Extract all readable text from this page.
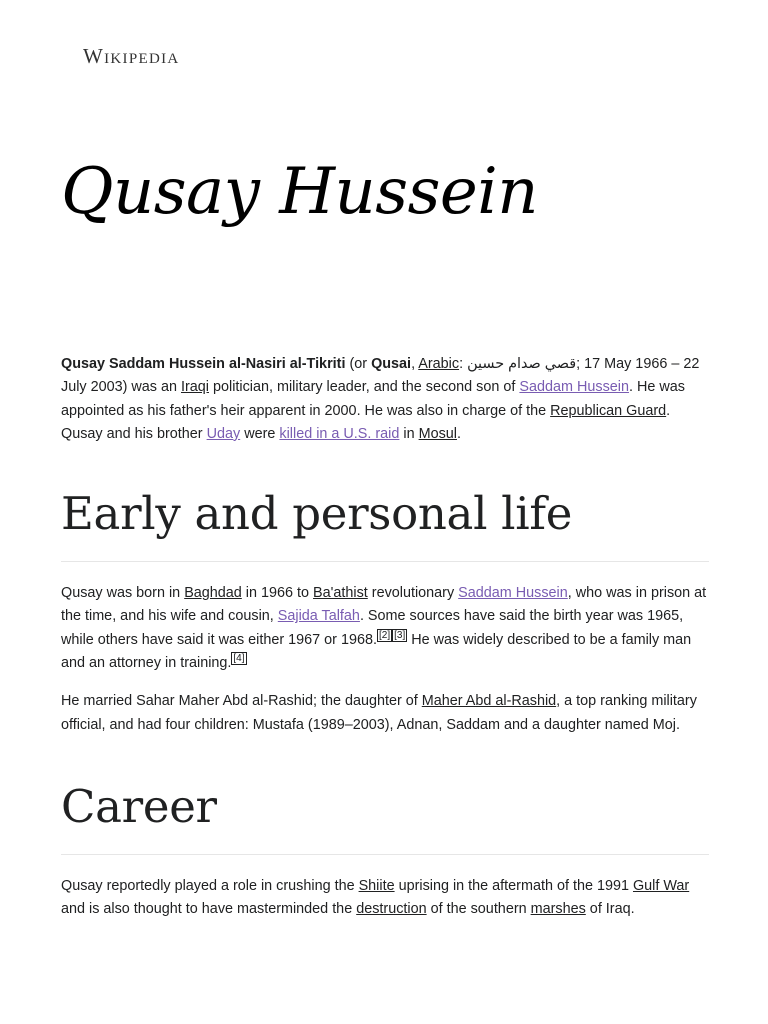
Wikipedia
Qusay Hussein

Qusay Saddam Hussein al-Nasiri al-Tikriti (or Qusai, Arabic: قصي صدام حسين; 17 May 1966 – 22 July 2003) was an Iraqi politician, military leader, and the second son of Saddam Hussein. He was appointed as his father's heir apparent in 2000. He was also in charge of the Republican Guard. Qusay and his brother Uday were killed in a U.S. raid in Mosul.

Early and personal life

Qusay was born in Baghdad in 1966 to Ba'athist revolutionary Saddam Hussein, who was in prison at the time, and his wife and cousin, Sajida Talfah. Some sources have said the birth year was 1965, while others have said it was either 1967 or 1968. [2] [3] He was widely described to be a family man and an attorney in training. [4]

He married Sahar Maher Abd al-Rashid; the daughter of Maher Abd al-Rashid, a top ranking military official, and had four children: Mustafa (1989–2003), Adnan, Saddam and a daughter named Moj.

Career

Qusay reportedly played a role in crushing the Shiite uprising in the aftermath of the 1991 Gulf War and is also thought to have masterminded the destruction of the southern marshes of Iraq.
